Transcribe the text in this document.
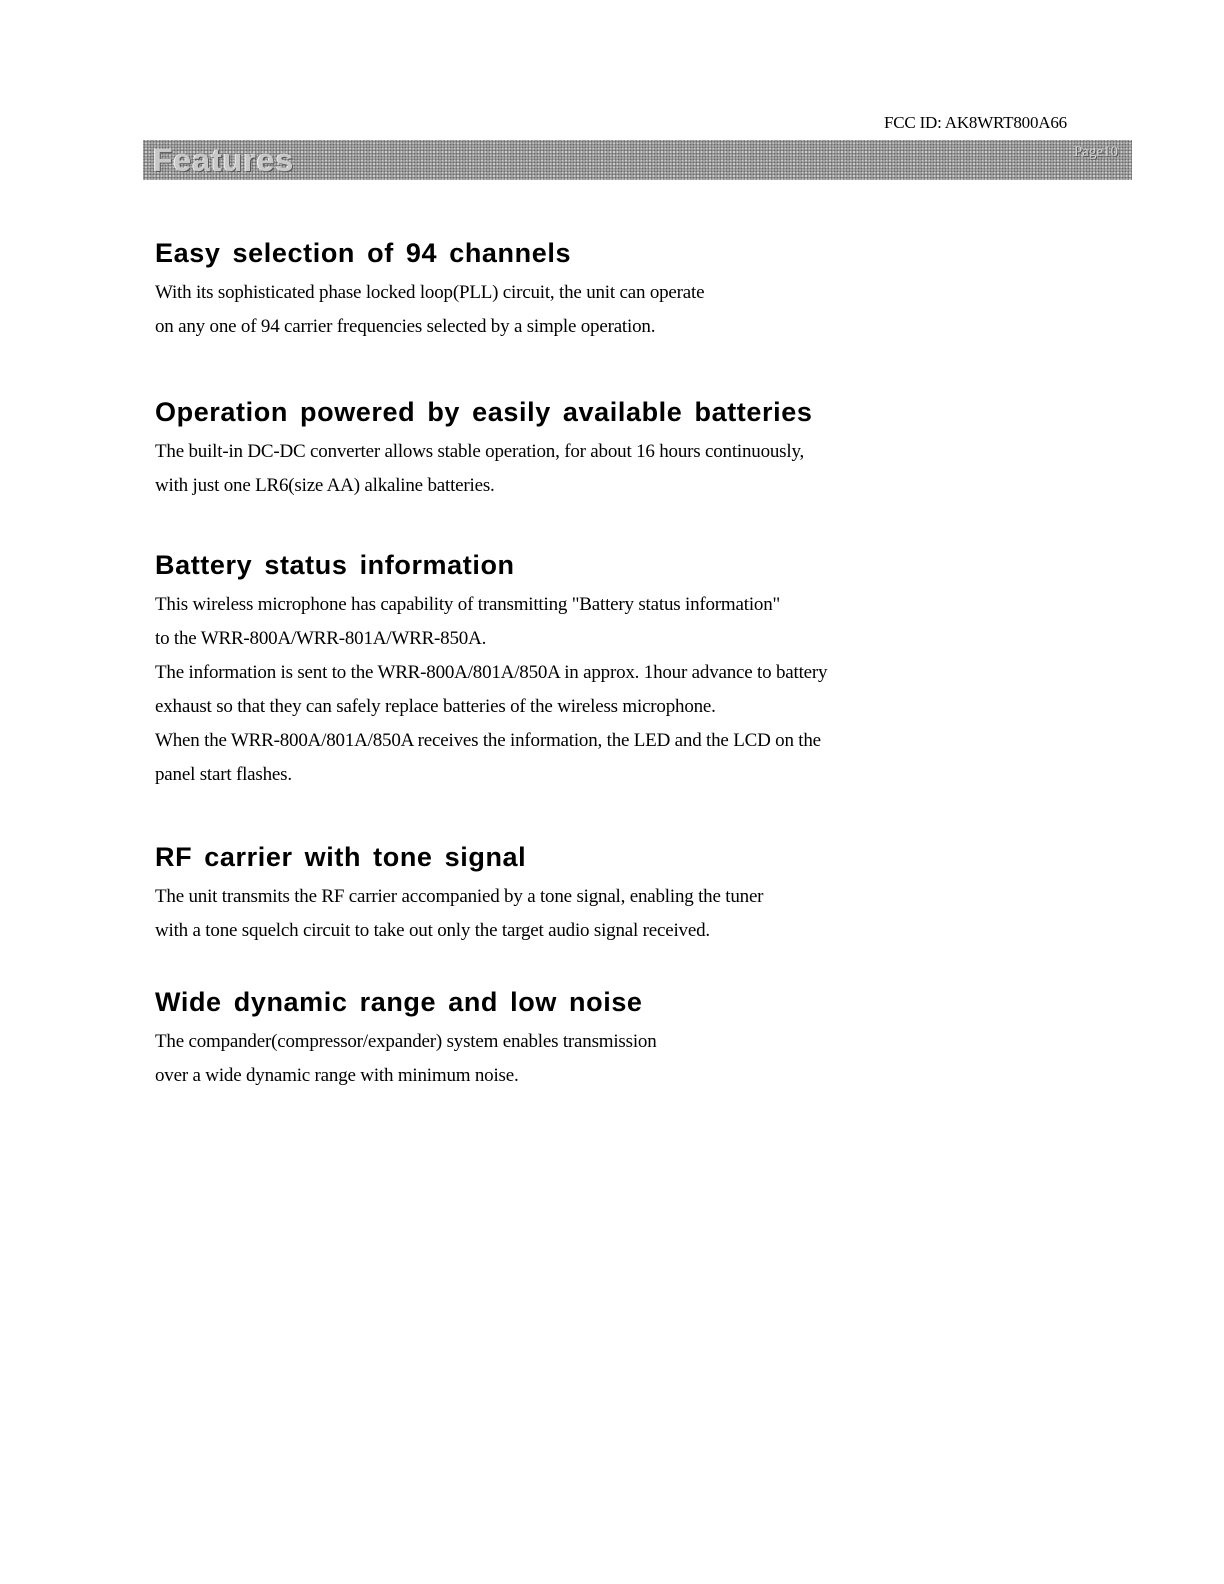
FCC ID: AK8WRT800A66
Features	Page10
Easy selection of 94 channels

With its sophisticated phase locked loop(PLL) circuit, the unit can operate
on any one of 94 carrier frequencies selected by a simple operation.

Operation powered by easily available batteries

The built-in DC-DC converter allows stable operation, for about 16 hours continuously,
with just one LR6(size AA) alkaline batteries.

Battery status information

This wireless microphone has capability of transmitting "Battery status information"
to the WRR-800A/WRR-801A/WRR-850A.
The information is sent to the WRR-800A/801A/850A in approx. 1hour advance to battery
exhaust so that they can safely replace batteries of the wireless microphone.
When the WRR-800A/801A/850A receives the information, the LED and the LCD on the
panel start flashes.

RF carrier with tone signal

The unit transmits the RF carrier accompanied by a tone signal, enabling the tuner
with a tone squelch circuit to take out only the target audio signal received.

Wide dynamic range and low noise

The compander(compressor/expander) system enables transmission
over a wide dynamic range with minimum noise.
